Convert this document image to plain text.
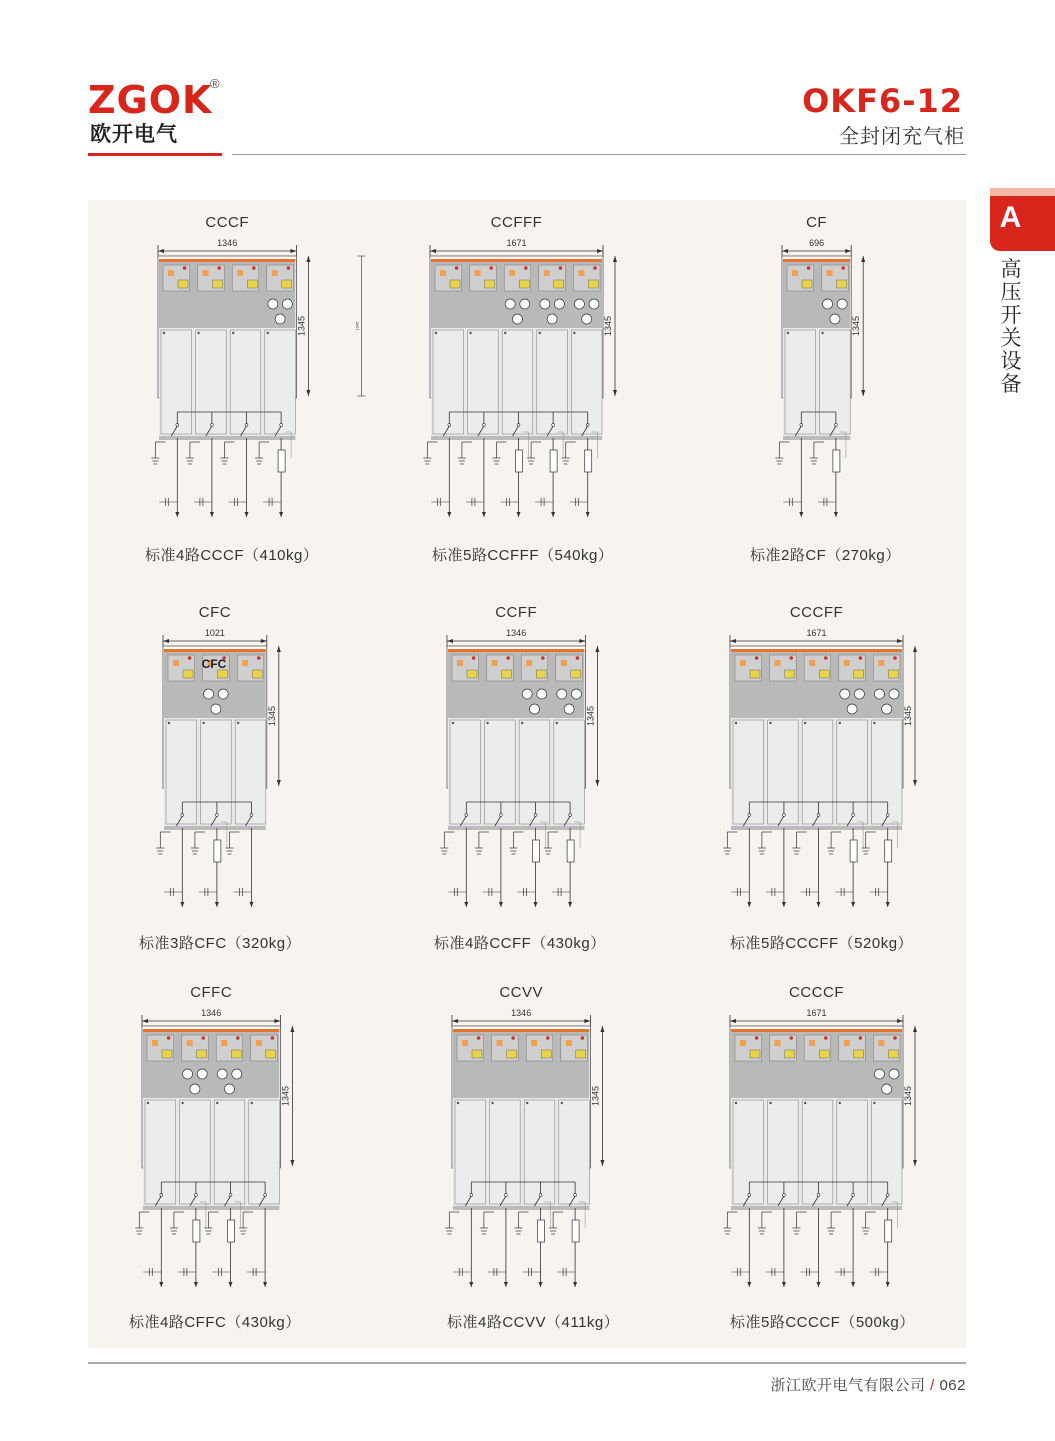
ZGOK
®
欧开电气
OKF6-12
全封闭充气柜
A
高压开关设备
CCCF
1346
1345	1345
标准4路CCCF（410kg）
CCFFF
1671
1345
标准5路CCFFF（540kg）
CF
696
1345
标准2路CF（270kg）
CFC
1021
1345
CFC
标准3路CFC（320kg）
CCFF
1346
1345
标准4路CCFF（430kg）
CCCFF
1671
1345
标准5路CCCFF（520kg）
CFFC
1346
1345
标准4路CFFC（430kg）
CCVV
1346
1345
标准4路CCVV（411kg）
CCCCF
1671
1345
标准5路CCCCF（500kg）
浙江欧开电气有限公司 / 062
